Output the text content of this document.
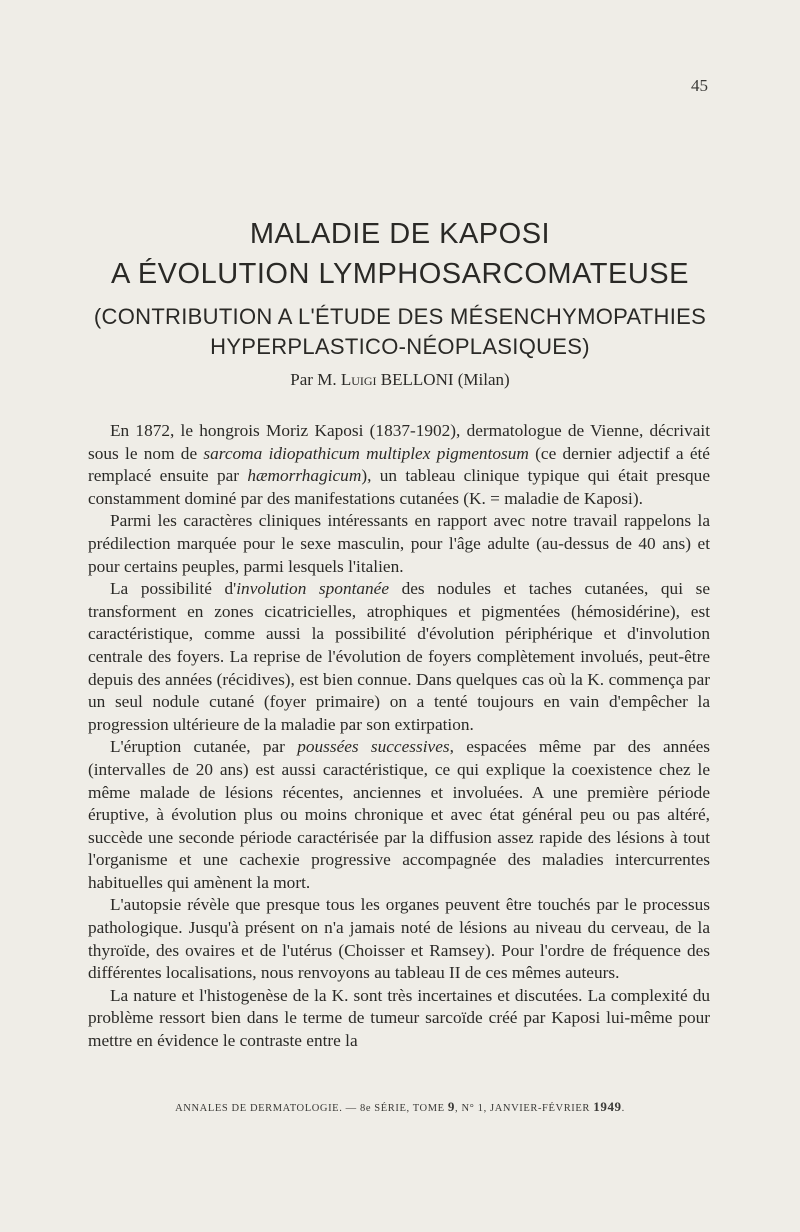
45
MALADIE DE KAPOSI
A ÉVOLUTION LYMPHOSARCOMATEUSE
(CONTRIBUTION A L'ÉTUDE DES MÉSENCHYMOPATHIES
HYPERPLASTICO-NÉOPLASIQUES)
Par M. Luigi BELLONI (Milan)

En 1872, le hongrois Moriz Kaposi (1837-1902), dermatologue de Vienne, décrivait sous le nom de sarcoma idiopathicum multiplex pigmentosum (ce dernier adjectif a été remplacé ensuite par hæmorrhagicum), un tableau clinique typique qui était presque constamment dominé par des manifestations cutanées (K. = maladie de Kaposi).

Parmi les caractères cliniques intéressants en rapport avec notre travail rappelons la prédilection marquée pour le sexe masculin, pour l'âge adulte (au-dessus de 40 ans) et pour certains peuples, parmi lesquels l'italien.

La possibilité d'involution spontanée des nodules et taches cutanées, qui se transforment en zones cicatricielles, atrophiques et pigmentées (hémosidérine), est caractéristique, comme aussi la possibilité d'évolution périphérique et d'involution centrale des foyers. La reprise de l'évolution de foyers complètement involués, peut-être depuis des années (récidives), est bien connue. Dans quelques cas où la K. commença par un seul nodule cutané (foyer primaire) on a tenté toujours en vain d'empêcher la progression ultérieure de la maladie par son extirpation.

L'éruption cutanée, par poussées successives, espacées même par des années (intervalles de 20 ans) est aussi caractéristique, ce qui explique la coexistence chez le même malade de lésions récentes, anciennes et involuées. A une première période éruptive, à évolution plus ou moins chronique et avec état général peu ou pas altéré, succède une seconde période caractérisée par la diffusion assez rapide des lésions à tout l'organisme et une cachexie progressive accompagnée des maladies intercurrentes habituelles qui amènent la mort.

L'autopsie révèle que presque tous les organes peuvent être touchés par le processus pathologique. Jusqu'à présent on n'a jamais noté de lésions au niveau du cerveau, de la thyroïde, des ovaires et de l'utérus (Choisser et Ramsey). Pour l'ordre de fréquence des différentes localisations, nous renvoyons au tableau II de ces mêmes auteurs.

La nature et l'histogenèse de la K. sont très incertaines et discutées. La complexité du problème ressort bien dans le terme de tumeur sarcoïde créé par Kaposi lui-même pour mettre en évidence le contraste entre la

ANNALES DE DERMATOLOGIE. — 8e SÉRIE, TOME 9, N° 1, JANVIER-FÉVRIER 1949.
